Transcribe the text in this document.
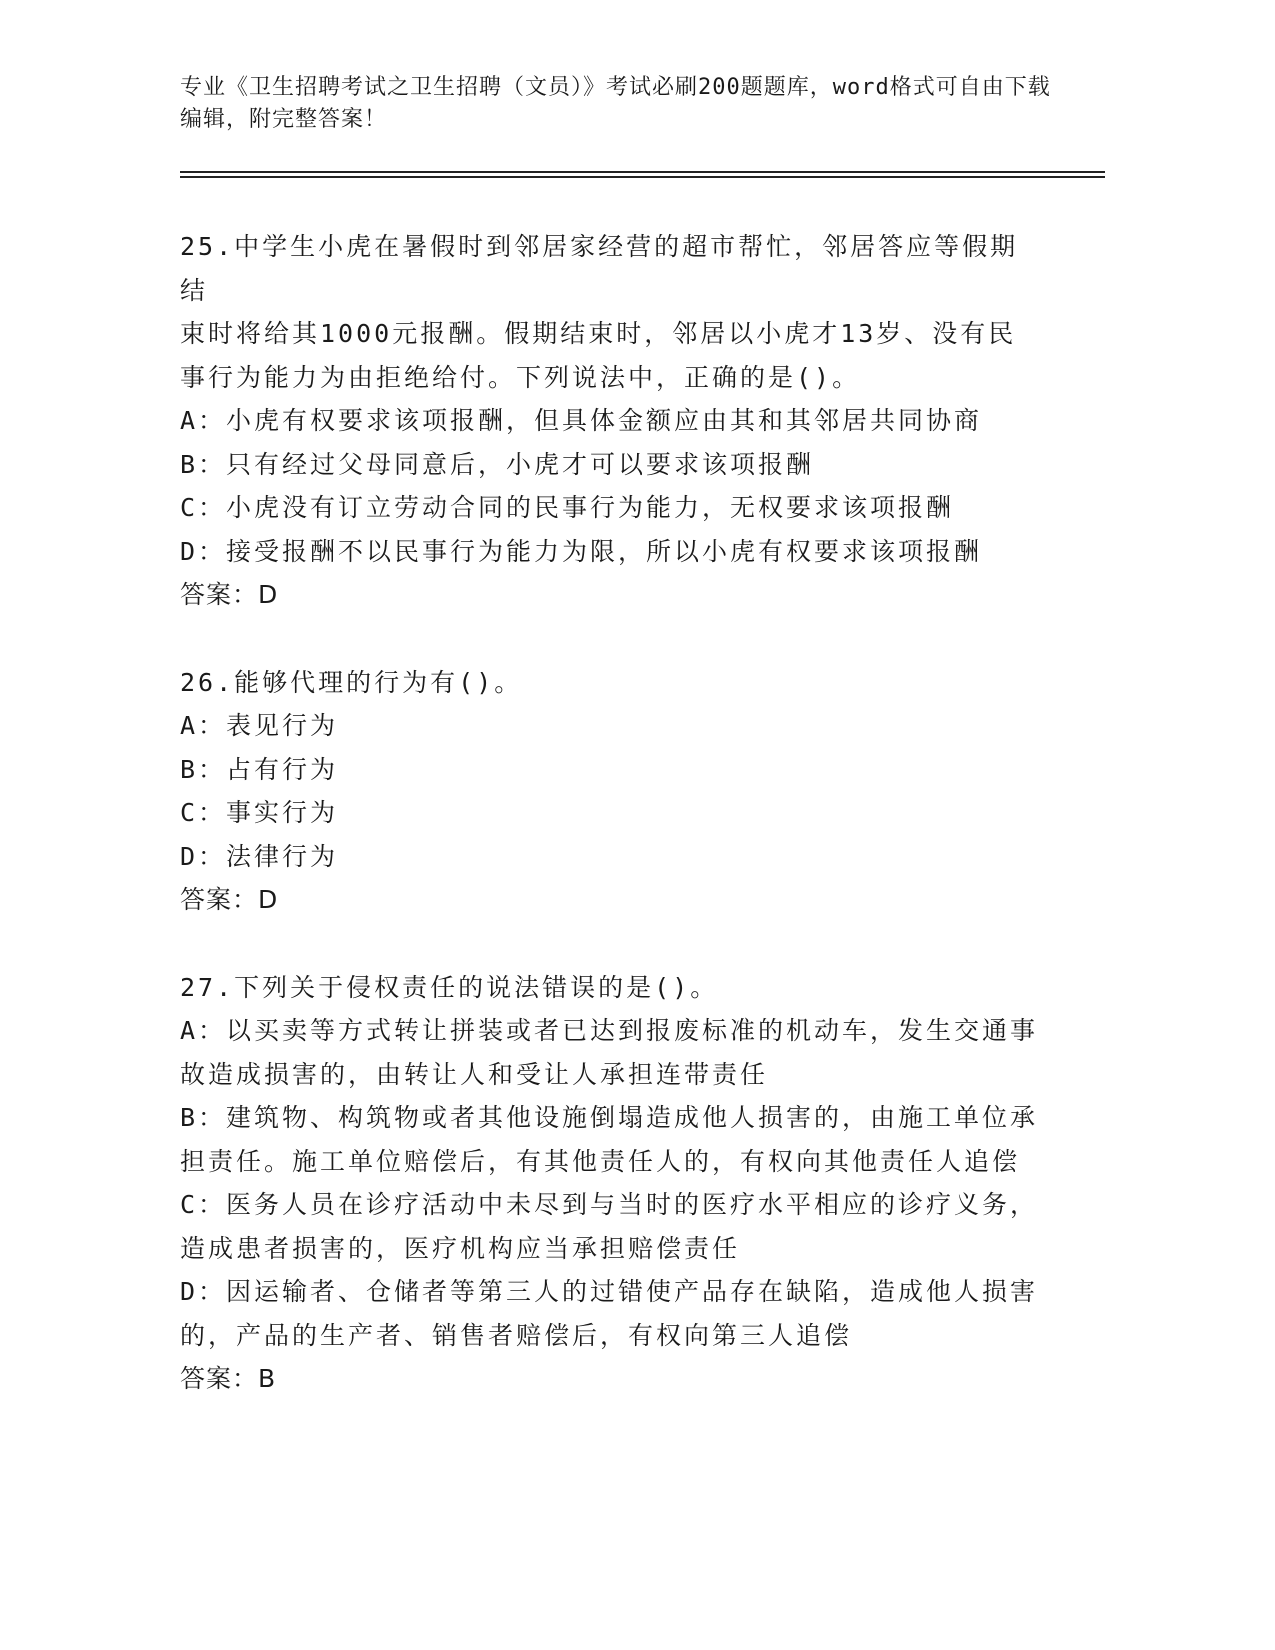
专业《卫生招聘考试之卫生招聘（文员）》考试必刷200题题库，word格式可自由下载编辑，附完整答案！
25.中学生小虎在暑假时到邻居家经营的超市帮忙，邻居答应等假期结
束时将给其1000元报酬。假期结束时，邻居以小虎才13岁、没有民
事行为能力为由拒绝给付。下列说法中，正确的是()。
A：小虎有权要求该项报酬，但具体金额应由其和其邻居共同协商
B：只有经过父母同意后，小虎才可以要求该项报酬
C：小虎没有订立劳动合同的民事行为能力，无权要求该项报酬
D：接受报酬不以民事行为能力为限，所以小虎有权要求该项报酬
答案：D
26.能够代理的行为有()。
A：表见行为
B：占有行为
C：事实行为
D：法律行为
答案：D
27.下列关于侵权责任的说法错误的是()。
A：以买卖等方式转让拼装或者已达到报废标准的机动车，发生交通事
故造成损害的，由转让人和受让人承担连带责任
B：建筑物、构筑物或者其他设施倒塌造成他人损害的，由施工单位承
担责任。施工单位赔偿后，有其他责任人的，有权向其他责任人追偿
C：医务人员在诊疗活动中未尽到与当时的医疗水平相应的诊疗义务，
造成患者损害的，医疗机构应当承担赔偿责任
D：因运输者、仓储者等第三人的过错使产品存在缺陷，造成他人损害
的，产品的生产者、销售者赔偿后，有权向第三人追偿
答案：B
